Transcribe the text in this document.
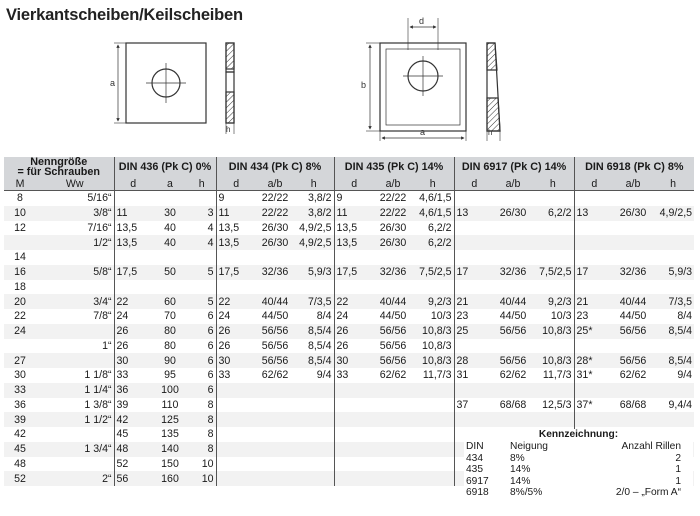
Vierkantscheiben/Keilscheiben
a
h
d
b
a	h
Nenngröße
= für Schrauben		DIN 436 (Pk C) 0%			DIN 434 (Pk C) 8%			DIN 435 (Pk C) 14%			DIN 6917 (Pk C) 14%			DIN 6918 (Pk C) 8%		
M	Ww	d	a	h	d	a/b	h	d	a/b	h	d	a/b	h	d	a/b	h
8	5/16“				9	22/22	3,8/2	9	22/22	4,6/1,5						
10	3/8“	11	30	3	11	22/22	3,8/2	11	22/22	4,6/1,5	13	26/30	6,2/2	13	26/30	4,9/2,5
12	7/16“	13,5	40	4	13,5	26/30	4,9/2,5	13,5	26/30	6,2/2						
	1/2“	13,5	40	4	13,5	26/30	4,9/2,5	13,5	26/30	6,2/2						
14																
16	5/8“	17,5	50	5	17,5	32/36	5,9/3	17,5	32/36	7,5/2,5	17	32/36	7,5/2,5	17	32/36	5,9/3
18																
20	3/4“	22	60	5	22	40/44	7/3,5	22	40/44	9,2/3	21	40/44	9,2/3	21	40/44	7/3,5
22	7/8“	24	70	6	24	44/50	8/4	24	44/50	10/3	23	44/50	10/3	23	44/50	8/4
24		26	80	6	26	56/56	8,5/4	26	56/56	10,8/3	25	56/56	10,8/3	25*	56/56	8,5/4
	1“	26	80	6	26	56/56	8,5/4	26	56/56	10,8/3						
27		30	90	6	30	56/56	8,5/4	30	56/56	10,8/3	28	56/56	10,8/3	28*	56/56	8,5/4
30	1 1/8“	33	95	6	33	62/62	9/4	33	62/62	11,7/3	31	62/62	11,7/3	31*	62/62	9/4
33	1 1/4“	36	100	6												
36	1 3/8“	39	110	8							37	68/68	12,5/3	37*	68/68	9,4/4
39	1 1/2“	42	125	8												
42		45	135	8												
45	1 3/4“	48	140	8												
48		52	150	10												
52	2“	56	160	10												
Kennzeichnung:
DIN	Neigung	Anzahl Rillen
434	8%	2
435	14%	1
6917 14%	1
6918 8%/5%	2/0 – „Form A“
